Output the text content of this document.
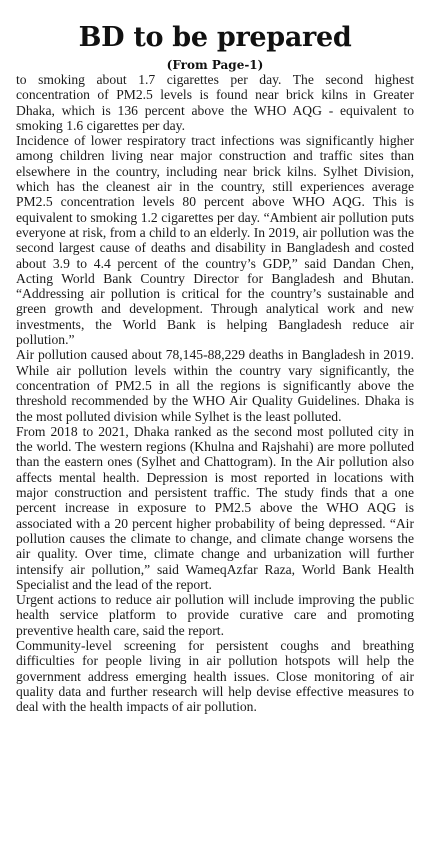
BD to be prepared
(From Page-1)

to smoking about 1.7 cigarettes per day. The second highest concentration of PM2.5 levels is found near brick kilns in Greater Dhaka, which is 136 percent above the WHO AQG - equivalent to smoking 1.6 cigarettes per day.

Incidence of lower respiratory tract infections was significantly higher among children living near major construction and traffic sites than elsewhere in the country, including near brick kilns. Sylhet Division, which has the cleanest air in the country, still experiences average PM2.5 concentration levels 80 percent above WHO AQG. This is equivalent to smoking 1.2 cigarettes per day. “Ambient air pollution puts everyone at risk, from a child to an elderly. In 2019, air pollution was the second largest cause of deaths and disability in Bangladesh and costed about 3.9 to 4.4 percent of the country’s GDP,” said Dandan Chen, Acting World Bank Country Director for Bangladesh and Bhutan. “Addressing air pollution is critical for the country’s sustainable and green growth and development. Through analytical work and new investments, the World Bank is helping Bangladesh reduce air pollution.”

Air pollution caused about 78,145-88,229 deaths in Bangladesh in 2019. While air pollution levels within the country vary significantly, the concentration of PM2.5 in all the regions is significantly above the threshold recommended by the WHO Air Quality Guidelines. Dhaka is the most polluted division while Sylhet is the least polluted.

From 2018 to 2021, Dhaka ranked as the second most polluted city in the world. The western regions (Khulna and Rajshahi) are more polluted than the eastern ones (Sylhet and Chattogram). In the Air pollution also affects mental health. Depression is most reported in locations with major construction and persistent traffic. The study finds that a one percent increase in exposure to PM2.5 above the WHO AQG is associated with a 20 percent higher probability of being depressed. “Air pollution causes the climate to change, and climate change worsens the air quality. Over time, climate change and urbanization will further intensify air pollution,” said WameqAzfar Raza, World Bank Health Specialist and the lead of the report.

Urgent actions to reduce air pollution will include improving the public health service platform to provide curative care and promoting preventive health care, said the report.

Community-level screening for persistent coughs and breathing difficulties for people living in air pollution hotspots will help the government address emerging health issues. Close monitoring of air quality data and further research will help devise effective measures to deal with the health impacts of air pollution.
